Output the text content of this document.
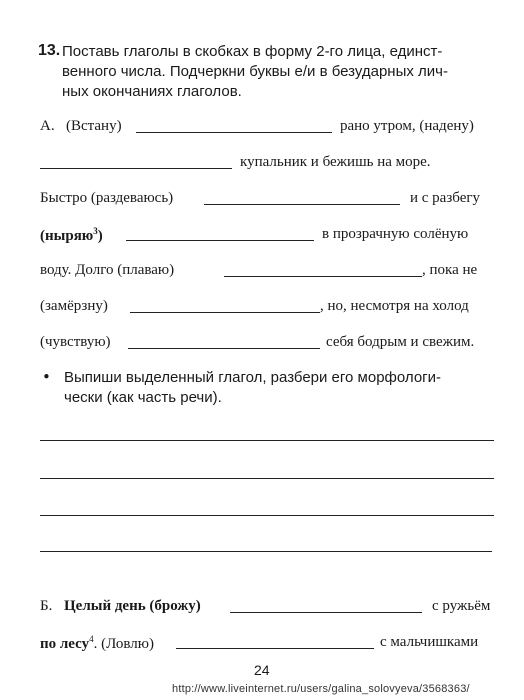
13. Поставь глаголы в скобках в форму 2-го лица, единст-
венного числа. Подчеркни буквы е/и в безударных лич-
ных окончаниях глаголов.
А. (Встану)	рано утром, (надену)
купальник и бежишь на море.
Быстро (раздеваюсь)	и с разбегу
(ныряю$^3$)	в прозрачную солёную
воду. Долго (плаваю)	, пока не
(замёрзну)	, но, несмотря на холод
(чувствую)	себя бодрым и свежим.
• Выпиши выделенный глагол, разбери его морфологи-
чески (как часть речи).
Б. Целый день (брожу)	с ружьём
по лесу$^4$. (Ловлю)	с мальчишками
24
http://www.liveinternet.ru/users/galina_solovyeva/3568363/
